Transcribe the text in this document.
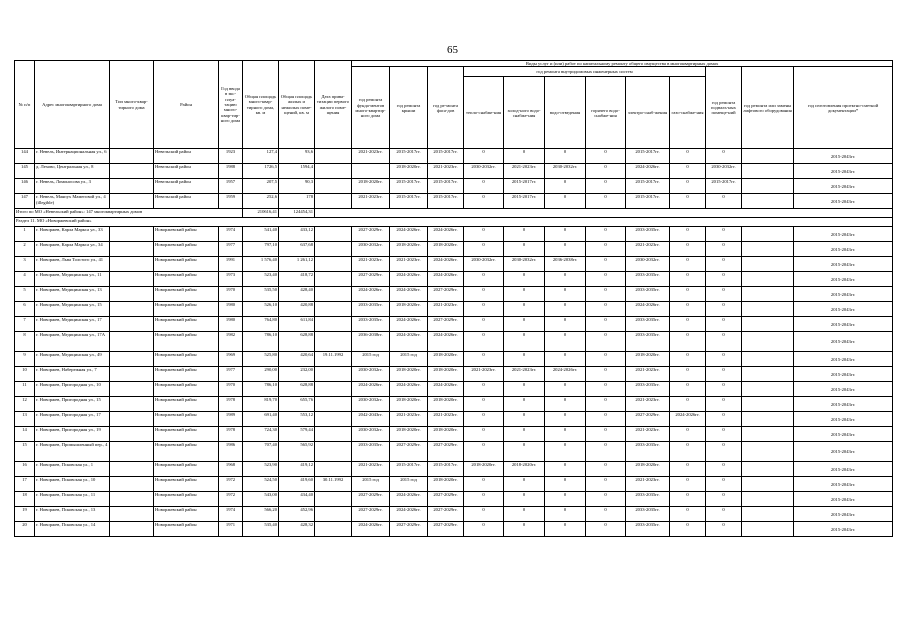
65
№ п/п	Адрес многоквартирного дома	Тип много-квар-тирного дома	Район	Год ввода в экс-плуа-тацию много-квар-тир-ного дома	Общая площадь много-квар-тирного дома, кв. м	Общая площадь жилых и нежилых поме-щений, кв. м	Дата прива-тизации первого жилого поме-щения	Виды услуг и (или) работ по капитальному ремонту общего имущества в многоквартирных домах											
								год ремонта фунда-ментов много-квартир-ного дома	год ремонта крыши	год ре-монта фаса-дов	год ремонта внутридомовых инженерных систем						год ремонта подваль-ных помеще-ний	год ремонта или замены лифтового оборудования	год изготовления проектно-сметной документации*
											тепло-снабже-ния	холод-ного водо-снабже-ния	водо-отведения	горячего водо-снабже-ния	электро-снаб-жения	газо-снабже-ния			
144	г. Невель, Интернациональная ул., 6		Невельский район	1923	127,4	93,6		2021-2023гг.	2015-2017гг.	2015-2017гг.	0	0	0	0	2015-2017гг.	0	0		2015-2043гг.
145	д. Лехово, Центральная ул., 8		Невельский район	1988	1726,5	1594,4			2018-2020гг.	2021-2023гг.	2030-2032гг.	2021-2023гг.	2030-2032гг.	0	2024-2026гг.	0	2030-2032гг.		2015-2043гг.
146	г. Невель, Ломоносова ул., 3		Невельский район	1957	207,5	90,3		2018-2020гг.	2015-2017гг.	2015-2017гг.	0	2015-2017гг.	0	0	2015-2017гг.	0	2015-2017гг.		2015-2043гг.
147	г. Невель, Маяпух Мамеговой ул., 4 (illegible)		Невельский район	1959	252,6	178		2021-2023гг.	2015-2017гг.	2015-2017гг.	0	2015-2017гг.	0	0	2015-2017гг.	0	0		2015-2043гг.
Итого по МО «Невельский район»: 147 многоквартирных домов					210616,41	124454,31													
Раздел 11. МО «Новоржевский район»																			
1	г. Новоржев, Карла Маркса ул., 33		Новоржевский район	1974	541,40	433,12		2027-2029гг.	2024-2026гг.	2024-2026гг.	0	0	0	0	2033-2035гг.	0	0		2015-2043гг.
2	г. Новоржев, Карла Маркса ул., 34		Новоржевский район	1977	797,10	637,68		2030-2032гг.	2018-2020гг.	2018-2020гг.	0	0	0	0	2021-2023гг.	0	0		2015-2043гг.
3	г. Новоржев, Льва Толстого ул., 41		Новоржевский район	1991	1 576,40	1 261,12		2021-2023гг.	2021-2023гг.	2024-2026гг.	2030-2032гг.	2030-2032гг.	2036-2038гг.	0	2030-2032гг.	0	0		2015-2043гг.
4	г. Новоржев, Медицинская ул., 11		Новоржевский район	1973	523,40	418,72		2027-2029гг.	2024-2026гг.	2024-2026гг.	0	0	0	0	2033-2035гг.	0	0		2015-2043гг.
5	г. Новоржев, Медицинская ул., 13		Новоржевский район	1970	535,50	428,40		2024-2026гг.	2024-2026гг.	2027-2029гг.	0	0	0	0	2033-2035гг.	0	0		2015-2043гг.
6	г. Новоржев, Медицинская ул., 15		Новоржевский район	1980	526,10	420,88		2033-2035гг.	2018-2020гг.	2021-2023гг.	0	0	0	0	2024-2026гг.	0	0		2015-2043гг.
7	г. Новоржев, Медицинская ул., 17		Новоржевский район	1980	764,80	611,84		2033-2035гг.	2024-2026гг.	2027-2029гг.	0	0	0	0	2033-2035гг.	0	0		2015-2043гг.
8	г. Новоржев, Медицинская ул., 17А		Новоржевский район	1982	786,10	628,88		2036-2038гг.	2024-2026гг.	2024-2026гг.	0	0	0	0	2033-2035гг.	0	0		2015-2043гг.
9	г. Новоржев, Медицинская ул., 49		Новоржевский район	1969	525,80	420,64	19.11.1992	2015 год	2015 год	2018-2020гг.	0	0	0	0	2018-2020гг.	0	0		2015-2043гг.
10	г. Новоржев, Набережная ул., 7		Новоржевский район	1977	290,00	232,00		2030-2032гг.	2018-2020гг.	2018-2020гг.	2021-2023гг.	2021-2023гг.	2024-2026гг.	0	2021-2023гг.	0	0		2015-2043гг.
11	г. Новоржев, Пригородная ул., 10		Новоржевский район	1970	786,10	628,88		2024-2026гг.	2024-2026гг.	2024-2026гг.	0	0	0	0	2033-2035гг.	0	0		2015-2043гг.
12	г. Новоржев, Пригородная ул., 15		Новоржевский район	1978	819,70	655,76		2030-2032гг.	2018-2020гг.	2018-2020гг.	0	0	0	0	2021-2023гг.	0	0		2015-2043гг.
13	г. Новоржев, Пригородная ул., 17		Новоржевский район	1989	691,40	553,12		2042-2043гг.	2021-2023гг.	2021-2023гг.	0	0	0	0	2027-2029гг.	2024-2026гг.	0		2015-2043гг.
14	г. Новоржев, Пригородная ул., 19		Новоржевский район	1978	724,30	579,44		2030-2032гг.	2018-2020гг.	2018-2020гг.	0	0	0	0	2021-2023гг.	0	0		2015-2043гг.
15	г. Новоржев, Промышленный пер., 4		Новоржевский район	1986	707,40	565,92		2033-2035гг.	2027-2029гг.	2027-2029гг.	0	0	0	0	2033-2035гг.	0	0		2015-2043гг.
16	г. Новоржев, Псковская ул., 1		Новоржевский район	1968	523,90	419,12		2021-2023гг.	2015-2017гг.	2015-2017гг.	2018-2020гг.	2018-2020гг.	0	0	2018-2020гг.	0	0		2015-2043гг.
17	г. Новоржев, Псковская ул., 10		Новоржевский район	1972	524,50	419,60	30.11.1992	2015 год	2015 год	2018-2020гг.	0	0	0	0	2021-2023гг.	0	0		2015-2043гг.
18	г. Новоржев, Псковская ул., 11		Новоржевский район	1972	543,00	434,40		2027-2029гг.	2024-2026гг.	2027-2029гг.	0	0	0	0	2033-2035гг.	0	0		2015-2043гг.
19	г. Новоржев, Псковская ул., 13		Новоржевский район	1974	566,20	452,96		2027-2029гг.	2024-2026гг.	2027-2029гг.	0	0	0	0	2033-2035гг.	0	0		2015-2043гг.
20	г. Новоржев, Псковская ул., 14		Новоржевский район	1971	535,40	428,32		2024-2026гг.	2027-2029гг.	2027-2029гг.	0	0	0	0	2033-2035гг.	0	0		2015-2043гг.
